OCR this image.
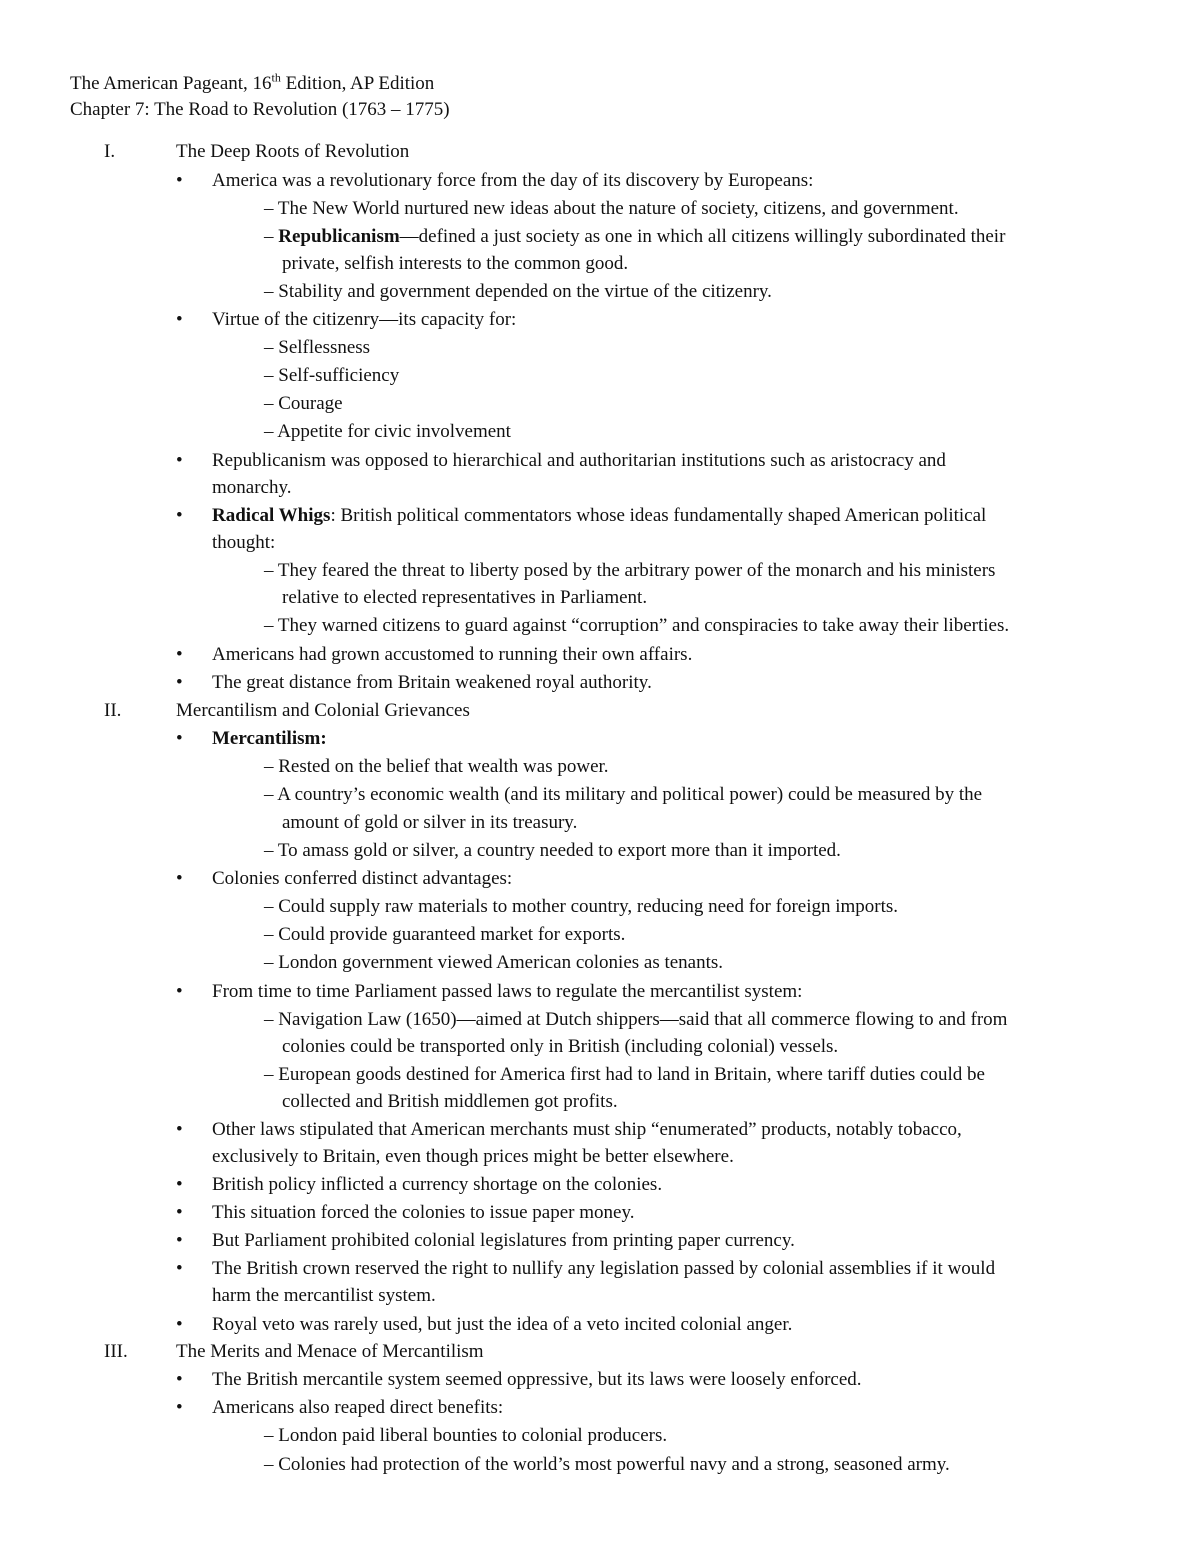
The American Pageant, 16th Edition, AP Edition
Chapter 7: The Road to Revolution (1763 – 1775)
I.	The Deep Roots of Revolution
• America was a revolutionary force from the day of its discovery by Europeans:
– The New World nurtured new ideas about the nature of society, citizens, and government.
– Republicanism—defined a just society as one in which all citizens willingly subordinated their
private, selfish interests to the common good.
– Stability and government depended on the virtue of the citizenry.
• Virtue of the citizenry—its capacity for:
– Selflessness
– Self-sufficiency
– Courage
– Appetite for civic involvement
• Republicanism was opposed to hierarchical and authoritarian institutions such as aristocracy and
monarchy.
• Radical Whigs: British political commentators whose ideas fundamentally shaped American political
thought:
– They feared the threat to liberty posed by the arbitrary power of the monarch and his ministers
relative to elected representatives in Parliament.
– They warned citizens to guard against “corruption” and conspiracies to take away their liberties.
• Americans had grown accustomed to running their own affairs.
• The great distance from Britain weakened royal authority.
II.	Mercantilism and Colonial Grievances
• Mercantilism:
– Rested on the belief that wealth was power.
– A country’s economic wealth (and its military and political power) could be measured by the
amount of gold or silver in its treasury.
– To amass gold or silver, a country needed to export more than it imported.
• Colonies conferred distinct advantages:
– Could supply raw materials to mother country, reducing need for foreign imports.
– Could provide guaranteed market for exports.
– London government viewed American colonies as tenants.
• From time to time Parliament passed laws to regulate the mercantilist system:
– Navigation Law (1650)—aimed at Dutch shippers—said that all commerce flowing to and from
colonies could be transported only in British (including colonial) vessels.
– European goods destined for America first had to land in Britain, where tariff duties could be
collected and British middlemen got profits.
• Other laws stipulated that American merchants must ship “enumerated” products, notably tobacco,
exclusively to Britain, even though prices might be better elsewhere.
• British policy inflicted a currency shortage on the colonies.
• This situation forced the colonies to issue paper money.
• But Parliament prohibited colonial legislatures from printing paper currency.
• The British crown reserved the right to nullify any legislation passed by colonial assemblies if it would
harm the mercantilist system.
• Royal veto was rarely used, but just the idea of a veto incited colonial anger.
III.	The Merits and Menace of Mercantilism
• The British mercantile system seemed oppressive, but its laws were loosely enforced.
• Americans also reaped direct benefits:
– London paid liberal bounties to colonial producers.
– Colonies had protection of the world’s most powerful navy and a strong, seasoned army.
